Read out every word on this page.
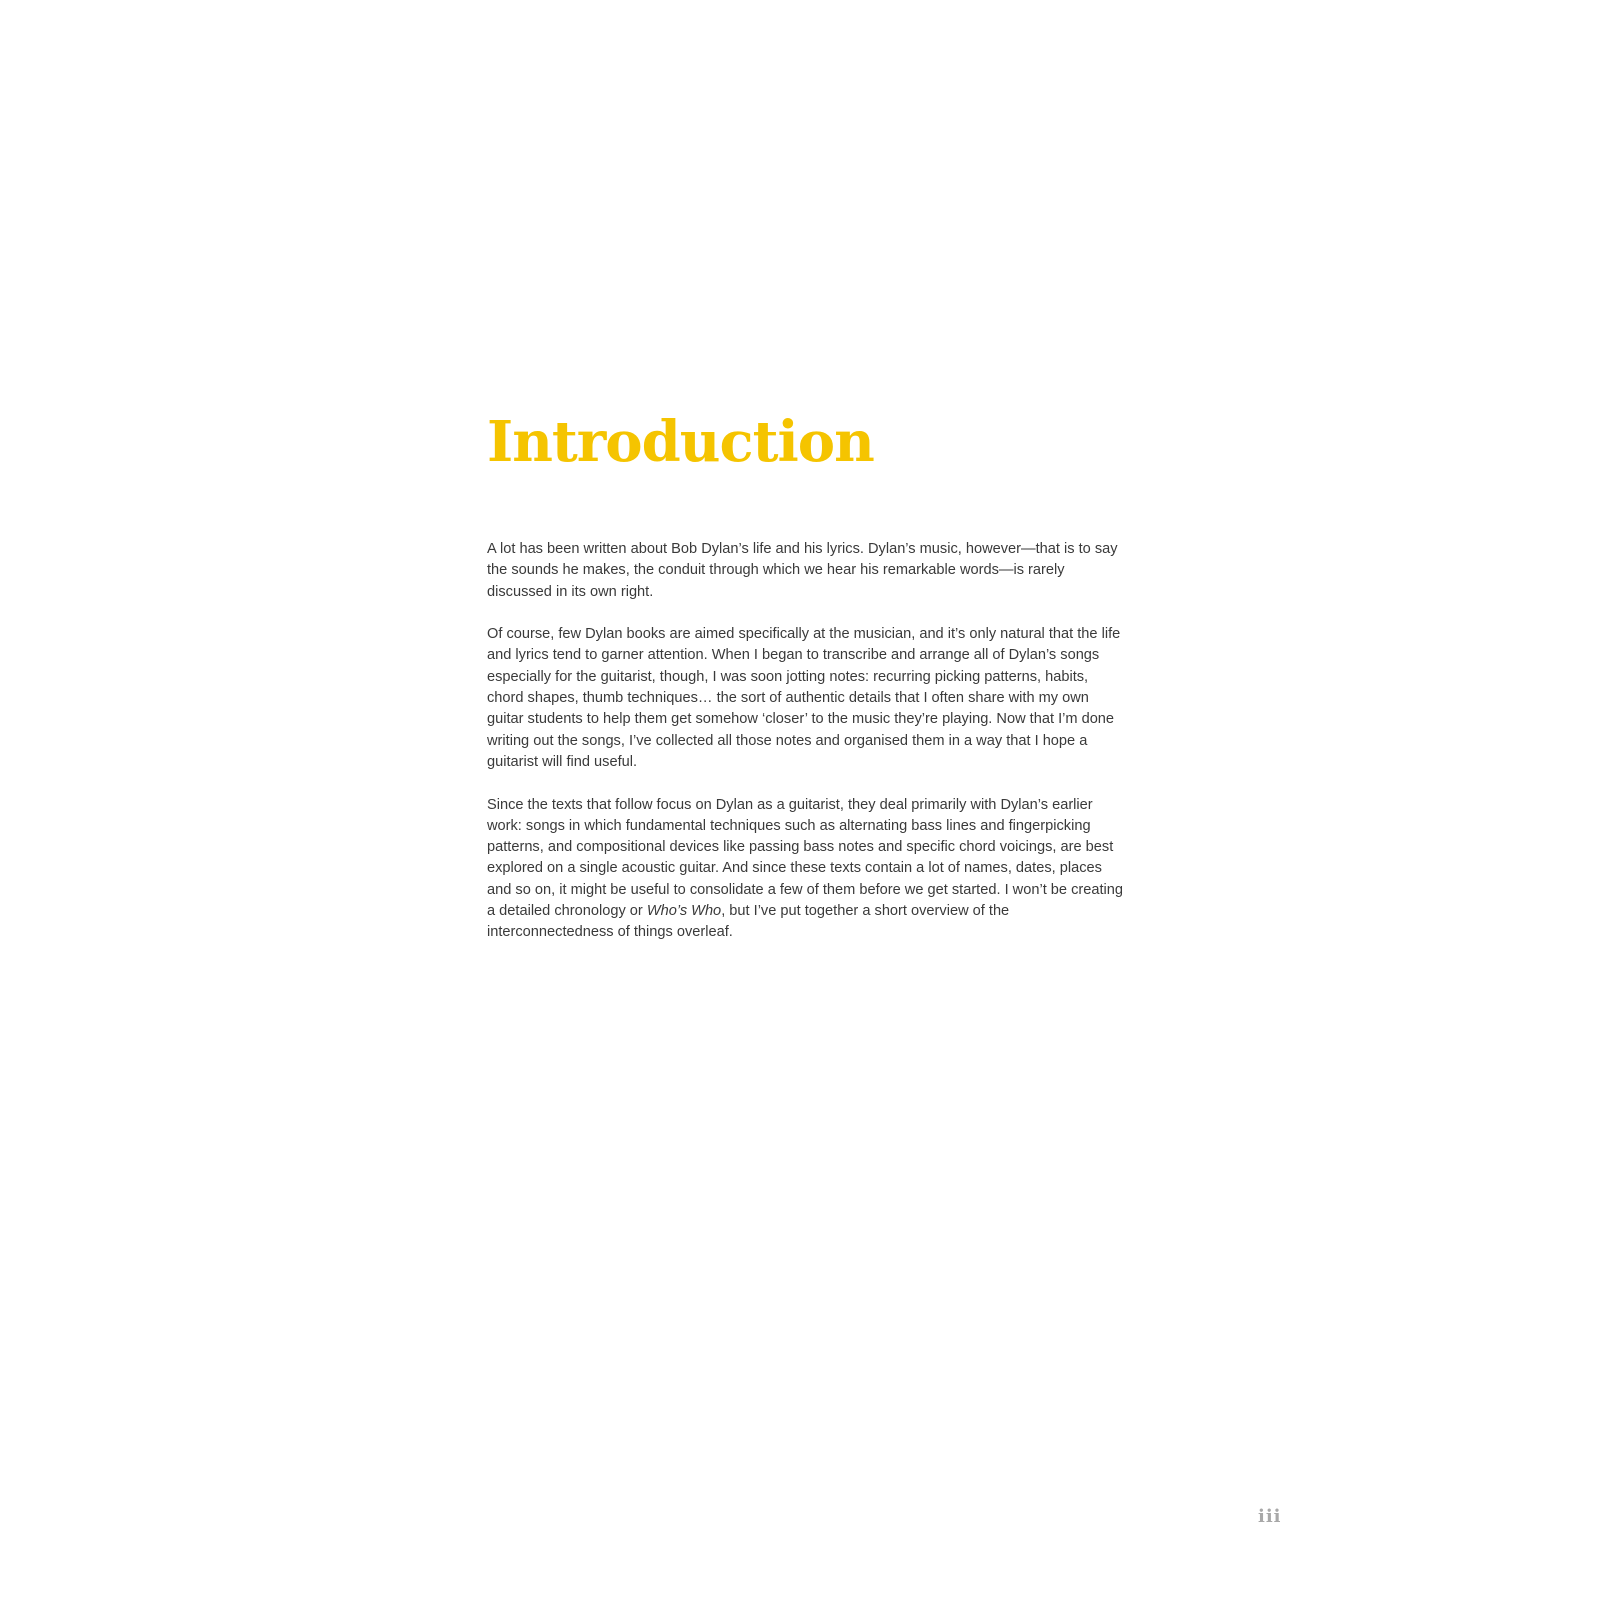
Introduction

A lot has been written about Bob Dylan’s life and his lyrics. Dylan’s music, however—that is to say the sounds he makes, the conduit through which we hear his remarkable words—is rarely discussed in its own right.

Of course, few Dylan books are aimed specifically at the musician, and it’s only natural that the life and lyrics tend to garner attention. When I began to transcribe and arrange all of Dylan’s songs especially for the guitarist, though, I was soon jotting notes: recurring picking patterns, habits, chord shapes, thumb techniques… the sort of authentic details that I often share with my own guitar students to help them get somehow ‘closer’ to the music they’re playing. Now that I’m done writing out the songs, I’ve collected all those notes and organised them in a way that I hope a guitarist will find useful.

Since the texts that follow focus on Dylan as a guitarist, they deal primarily with Dylan’s earlier work: songs in which fundamental techniques such as alternating bass lines and fingerpicking patterns, and compositional devices like passing bass notes and specific chord voicings, are best explored on a single acoustic guitar. And since these texts contain a lot of names, dates, places and so on, it might be useful to consolidate a few of them before we get started. I won’t be creating a detailed chronology or Who’s Who, but I’ve put together a short overview of the interconnectedness of things overleaf.

iii
